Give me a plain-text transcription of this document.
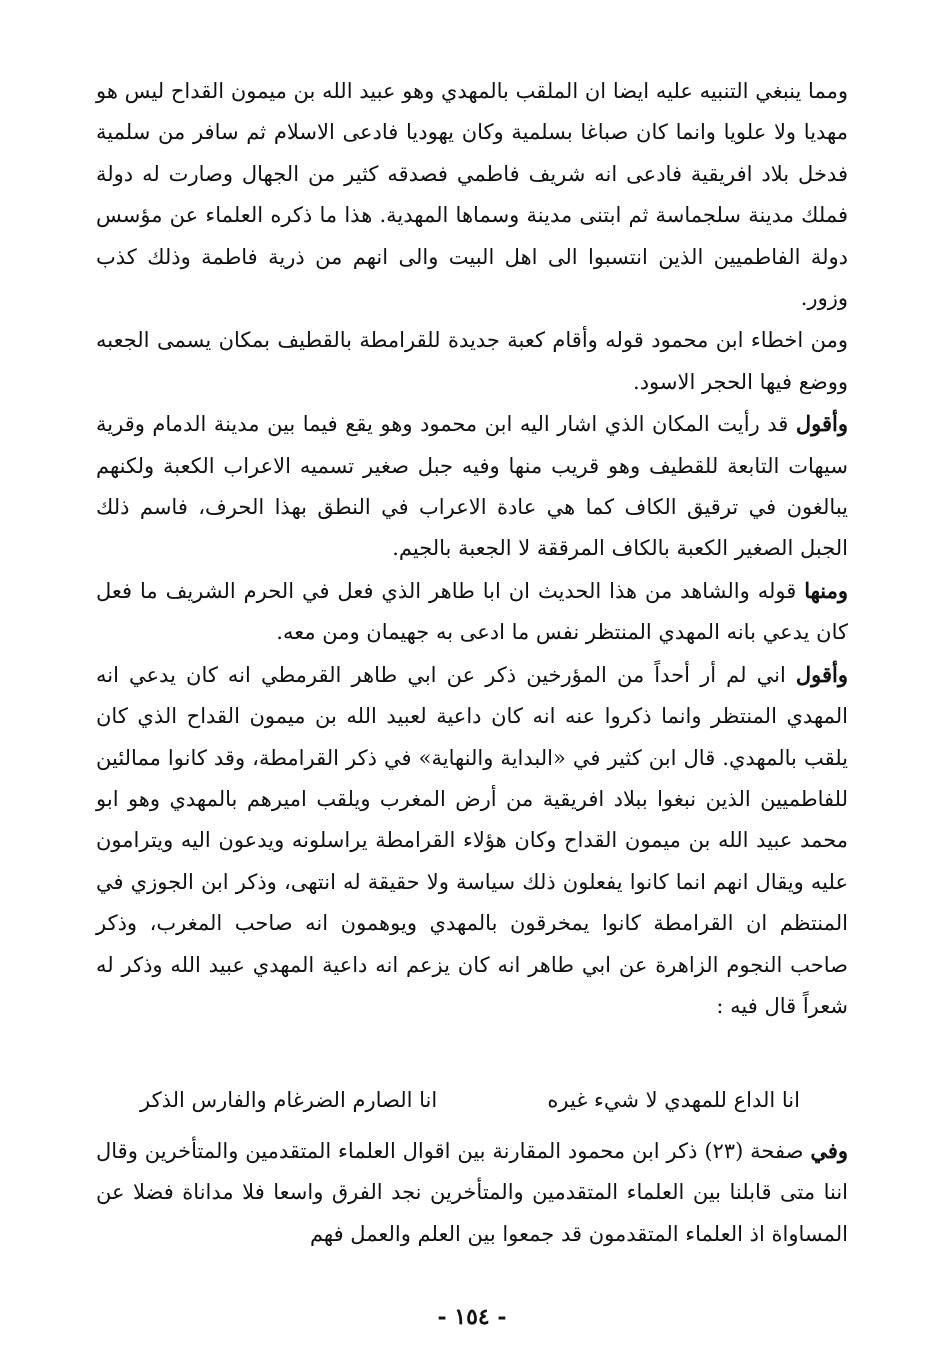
ومما ينبغي التنبيه عليه ايضا ان الملقب بالمهدي وهو عبيد الله بن ميمون القداح ليس هو مهديا ولا علويا وانما كان صباغا بسلمية وكان يهوديا فادعى الاسلام ثم سافر من سلمية فدخل بلاد افريقية فادعى انه شريف فاطمي فصدقه كثير من الجهال وصارت له دولة فملك مدينة سلجماسة ثم ابتنى مدينة وسماها المهدية. هذا ما ذكره العلماء عن مؤسس دولة الفاطميين الذين انتسبوا الى اهل البيت والى انهم من ذرية فاطمة وذلك كذب وزور.

ومن اخطاء ابن محمود قوله وأقام كعبة جديدة للقرامطة بالقطيف بمكان يسمى الجعبه ووضع فيها الحجر الاسود.

وأقول قد رأيت المكان الذي اشار اليه ابن محمود وهو يقع فيما بين مدينة الدمام وقرية سيهات التابعة للقطيف وهو قريب منها وفيه جبل صغير تسميه الاعراب الكعبة ولكنهم يبالغون في ترقيق الكاف كما هي عادة الاعراب في النطق بهذا الحرف، فاسم ذلك الجبل الصغير الكعبة بالكاف المرققة لا الجعبة بالجيم.

ومنها قوله والشاهد من هذا الحديث ان ابا طاهر الذي فعل في الحرم الشريف ما فعل كان يدعي بانه المهدي المنتظر نفس ما ادعى به جهيمان ومن معه.

وأقول اني لم أر أحداً من المؤرخين ذكر عن ابي طاهر القرمطي انه كان يدعي انه المهدي المنتظر وانما ذكروا عنه انه كان داعية لعبيد الله بن ميمون القداح الذي كان يلقب بالمهدي. قال ابن كثير في «البداية والنهاية» في ذكر القرامطة، وقد كانوا ممالئين للفاطميين الذين نبغوا ببلاد افريقية من أرض المغرب ويلقب اميرهم بالمهدي وهو ابو محمد عبيد الله بن ميمون القداح وكان هؤلاء القرامطة يراسلونه ويدعون اليه ويترامون عليه ويقال انهم انما كانوا يفعلون ذلك سياسة ولا حقيقة له انتهى، وذكر ابن الجوزي في المنتظم ان القرامطة كانوا يمخرقون بالمهدي ويوهمون انه صاحب المغرب، وذكر صاحب النجوم الزاهرة عن ابي طاهر انه كان يزعم انه داعية المهدي عبيد الله وذكر له شعراً قال فيه :

انا الداع للمهدي لا شيء غيره
انا الصارم الضرغام والفارس الذكر

وفي صفحة (٢٣) ذكر ابن محمود المقارنة بين اقوال العلماء المتقدمين والمتأخرين وقال اننا متى قابلنا بين العلماء المتقدمين والمتأخرين نجد الفرق واسعا فلا مداناة فضلا عن المساواة اذ العلماء المتقدمون قد جمعوا بين العلم والعمل فهم

- ١٥٤ -
